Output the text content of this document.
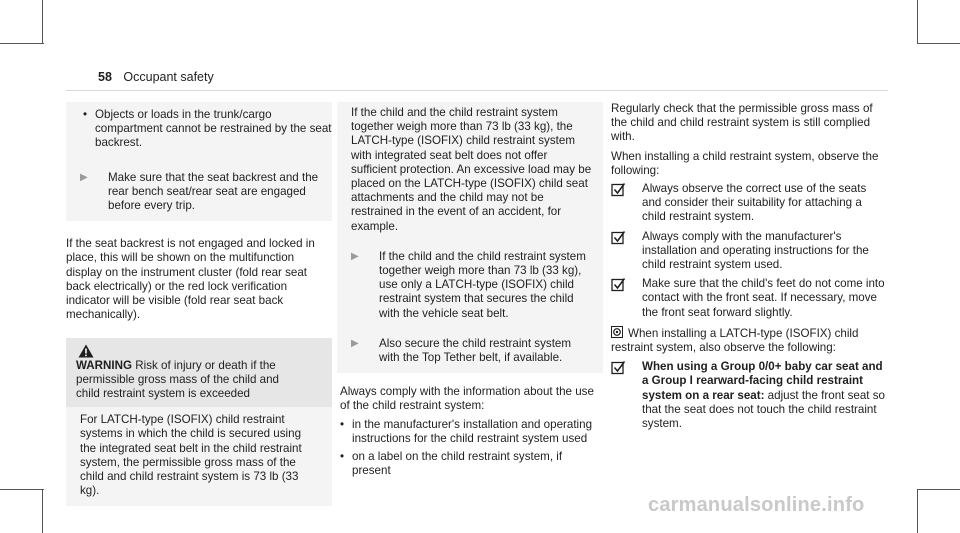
58 Occupant safety
• Objects or loads in the trunk/cargo compartment cannot be restrained by the seat backrest.
▶ Make sure that the seat backrest and the rear bench seat/rear seat are engaged before every trip.

If the seat backrest is not engaged and locked in place, this will be shown on the multifunction display on the instrument cluster (fold rear seat back electrically) or the red lock verification indicator will be visible (fold rear seat back mechanically).

WARNING Risk of injury or death if the permissible gross mass of the child and child restraint system is exceeded
For LATCH-type (ISOFIX) child restraint systems in which the child is secured using the integrated seat belt in the child restraint system, the permissible gross mass of the child and child restraint system is 73 lb (33 kg).

If the child and the child restraint system together weigh more than 73 lb (33 kg), the LATCH-type (ISOFIX) child restraint system with integrated seat belt does not offer sufficient protection. An excessive load may be placed on the LATCH-type (ISOFIX) child seat attachments and the child may not be restrained in the event of an accident, for example.

▶ If the child and the child restraint system together weigh more than 73 lb (33 kg), use only a LATCH-type (ISOFIX) child restraint system that secures the child with the vehicle seat belt.
▶ Also secure the child restraint system with the Top Tether belt, if available.

Always comply with the information about the use of the child restraint system:

• in the manufacturer's installation and operating instructions for the child restraint system used
• on a label on the child restraint system, if present

Regularly check that the permissible gross mass of the child and child restraint system is still complied with.

When installing a child restraint system, observe the following:

Always observe the correct use of the seats and consider their suitability for attaching a child restraint system.
Always comply with the manufacturer's installation and operating instructions for the child restraint system used.
Make sure that the child's feet do not come into contact with the front seat. If necessary, move the front seat forward slightly.

When installing a LATCH-type (ISOFIX) child restraint system, also observe the following:

When using a Group 0/0+ baby car seat and a Group I rearward-facing child restraint system on a rear seat: adjust the front seat so that the seat does not touch the child restraint system.
carmanualsonline.info
